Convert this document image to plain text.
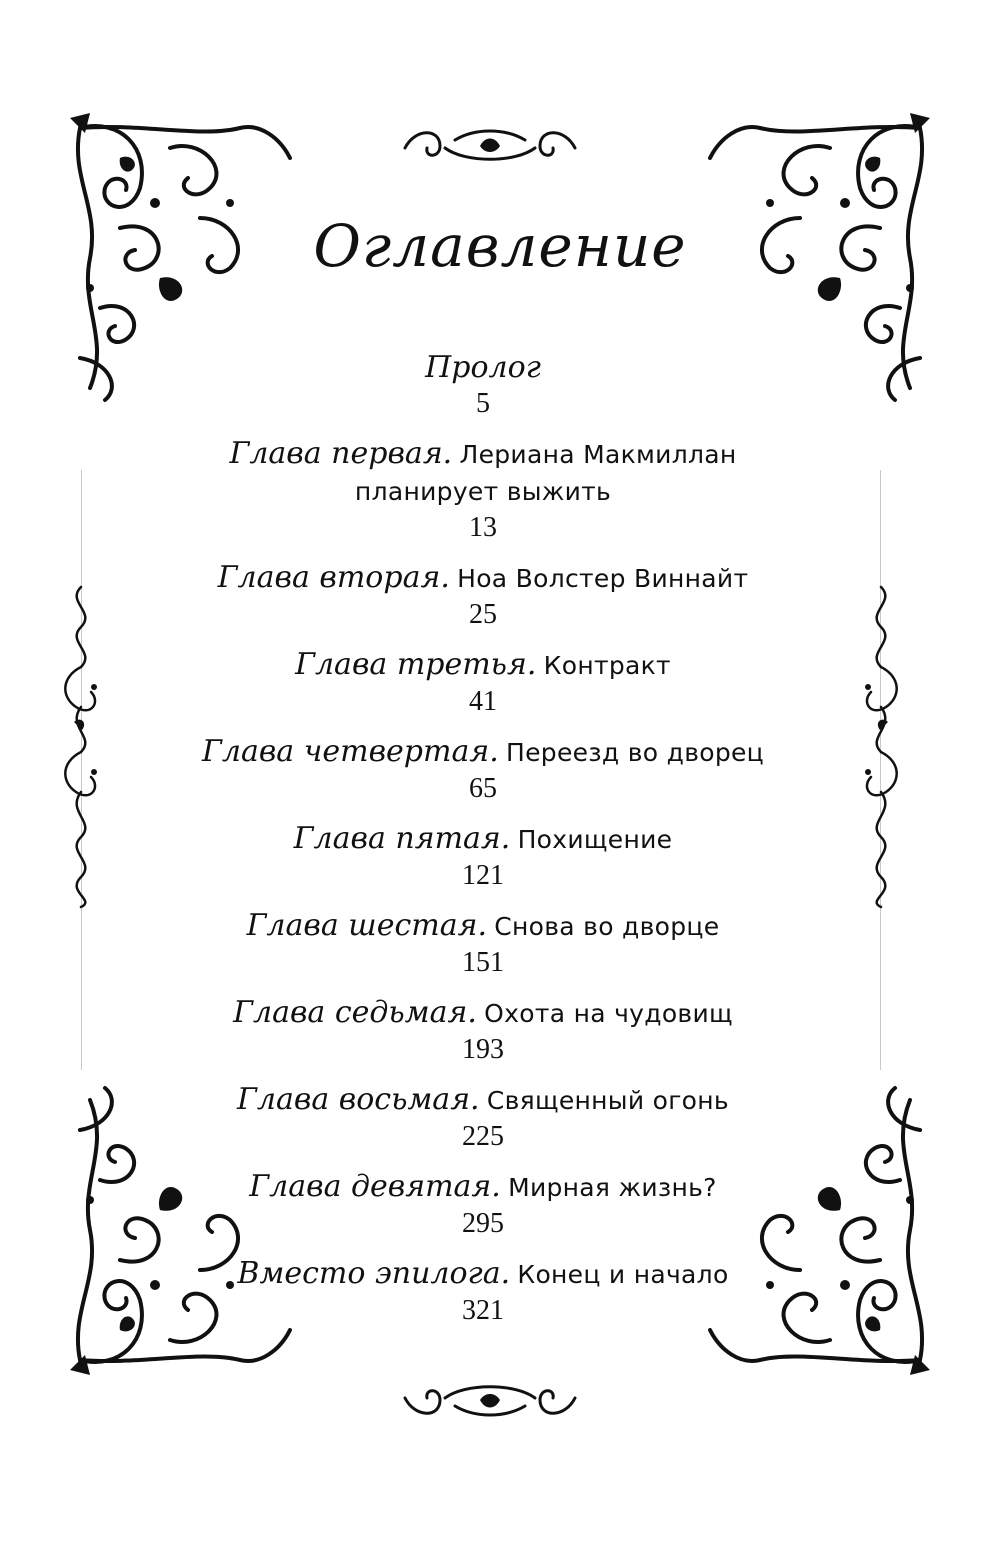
Оглавление
Пролог
5
Глава первая. Лериана Макмиллан
планирует выжить
13
Глава вторая. Ноа Волстер Виннайт
25
Глава третья. Контракт
41
Глава четвертая. Переезд во дворец
65
Глава пятая. Похищение
121
Глава шестая. Снова во дворце
151
Глава седьмая. Охота на чудовищ
193
Глава восьмая. Священный огонь
225
Глава девятая. Мирная жизнь?
295
Вместо эпилога. Конец и начало
321
